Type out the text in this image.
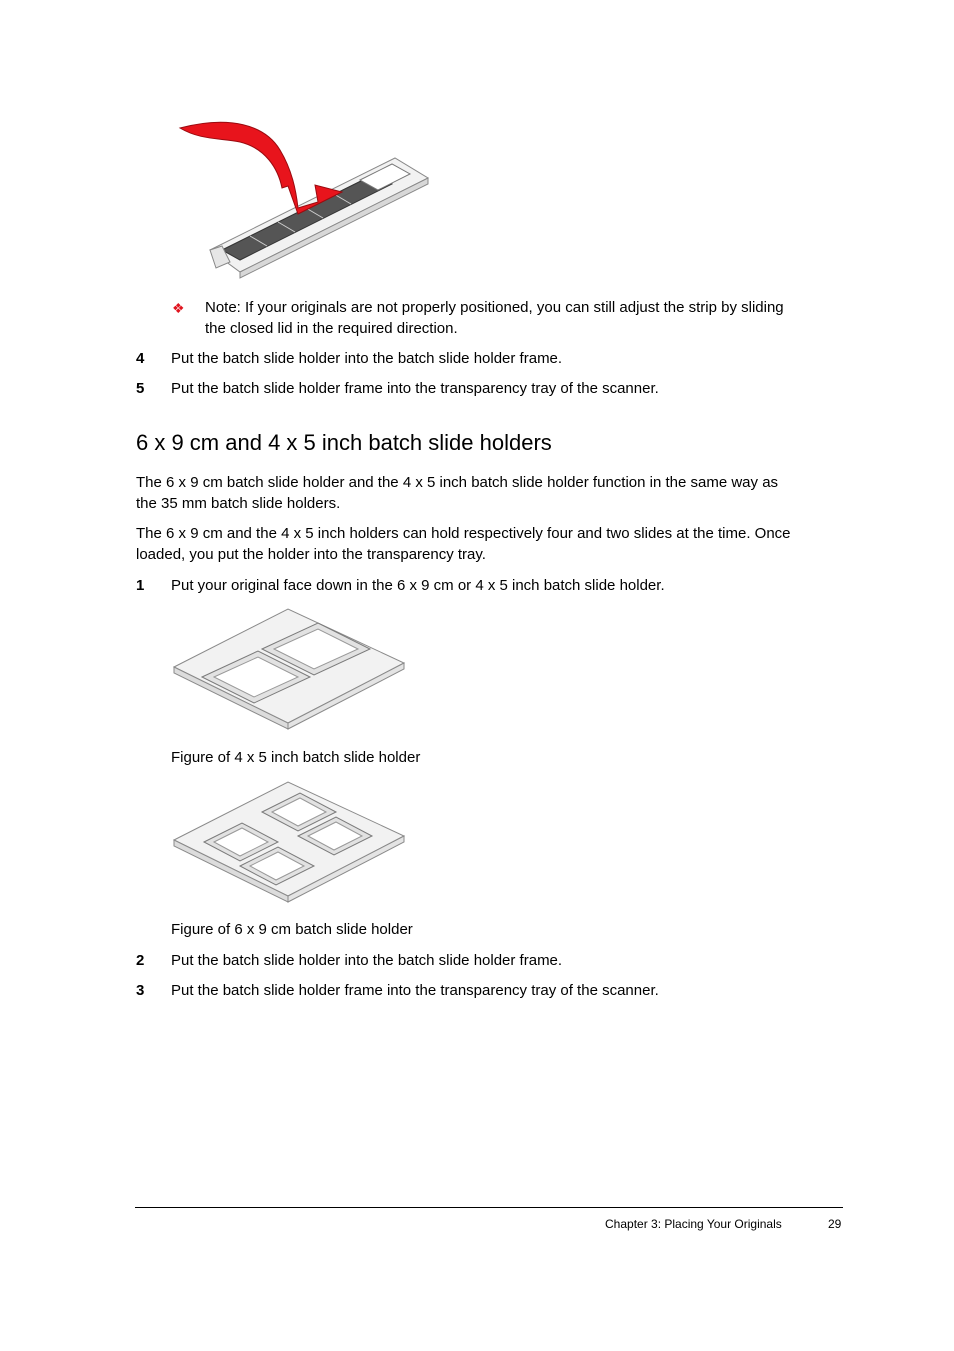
❖ Note: If your originals are not properly positioned, you can still adjust the strip by sliding

the closed lid in the required direction.

4 Put the batch slide holder into the batch slide holder frame.
5 Put the batch slide holder frame into the transparency tray of the scanner.
6 x 9 cm and 4 x 5 inch batch slide holders

The 6 x 9 cm batch slide holder and the 4 x 5 inch batch slide holder function in the same way as

the 35 mm batch slide holders.

The 6 x 9 cm and the 4 x 5 inch holders can hold respectively four and two slides at the time. Once

loaded, you put the holder into the transparency tray.

1 Put your original face down in the 6 x 9 cm or 4 x 5 inch batch slide holder.
Figure of 4 x 5 inch batch slide holder
Figure of 6 x 9 cm batch slide holder
2 Put the batch slide holder into the batch slide holder frame.
3 Put the batch slide holder frame into the transparency tray of the scanner.
Chapter 3: Placing Your Originals	29
